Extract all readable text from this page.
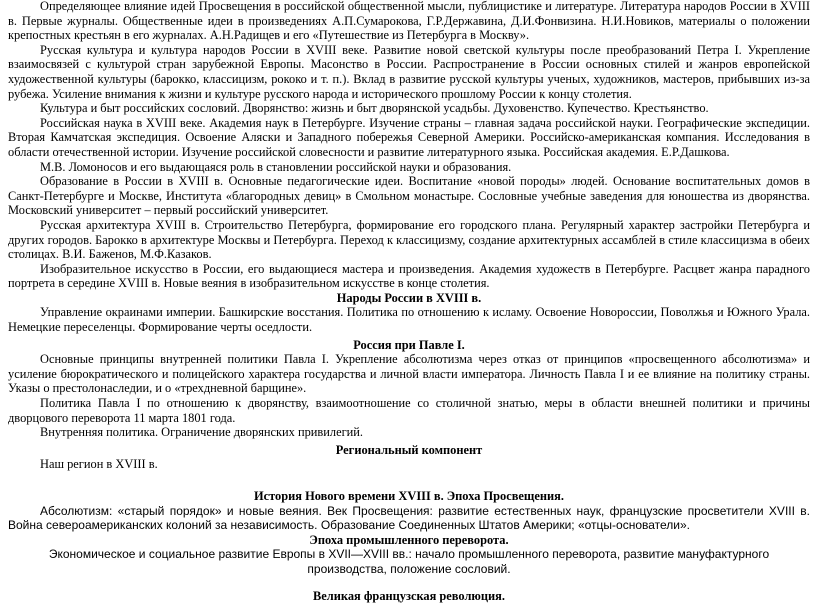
Определяющее влияние идей Просвещения в российской общественной мысли, публицистике и литературе. Литература народов России в XVIII в. Первые журналы. Общественные идеи в произведениях А.П.Сумарокова, Г.Р.Державина, Д.И.Фонвизина. Н.И.Новиков, материалы о положении крепостных крестьян в его журналах. А.Н.Радищев и его «Путешествие из Петербурга в Москву».

Русская культура и культура народов России в XVIII веке. Развитие новой светской культуры после преобразований Петра I. Укрепление взаимосвязей с культурой стран зарубежной Европы. Масонство в России. Распространение в России основных стилей и жанров европейской художественной культуры (барокко, классицизм, рококо и т. п.). Вклад в развитие русской культуры ученых, художников, мастеров, прибывших из-за рубежа. Усиление внимания к жизни и культуре русского народа и исторического прошлому России к концу столетия.

Культура и быт российских сословий. Дворянство: жизнь и быт дворянской усадьбы. Духовенство. Купечество. Крестьянство.

Российская наука в XVIII веке. Академия наук в Петербурге. Изучение страны – главная задача российской науки. Географические экспедиции. Вторая Камчатская экспедиция. Освоение Аляски и Западного побережья Северной Америки. Российско-американская компания. Исследования в области отечественной истории. Изучение российской словесности и развитие литературного языка. Российская академия. Е.Р.Дашкова.

М.В. Ломоносов и его выдающаяся роль в становлении российской науки и образования.

Образование в России в XVIII в. Основные педагогические идеи. Воспитание «новой породы» людей. Основание воспитательных домов в Санкт-Петербурге и Москве, Института «благородных девиц» в Смольном монастыре. Сословные учебные заведения для юношества из дворянства. Московский университет – первый российский университет.

Русская архитектура XVIII в. Строительство Петербурга, формирование его городского плана. Регулярный характер застройки Петербурга и других городов. Барокко в архитектуре Москвы и Петербурга. Переход к классицизму, создание архитектурных ассамблей в стиле классицизма в обеих столицах. В.И. Баженов, М.Ф.Казаков.

Изобразительное искусство в России, его выдающиеся мастера и произведения. Академия художеств в Петербурге. Расцвет жанра парадного портрета в середине XVIII в. Новые веяния в изобразительном искусстве в конце столетия.

Народы России в XVIII в.

Управление окраинами империи. Башкирские восстания. Политика по отношению к исламу. Освоение Новороссии, Поволжья и Южного Урала. Немецкие переселенцы. Формирование черты оседлости.

Россия при Павле I.

Основные принципы внутренней политики Павла I. Укрепление абсолютизма через отказ от принципов «просвещенного абсолютизма» и усиление бюрократического и полицейского характера государства и личной власти императора. Личность Павла I и ее влияние на политику страны. Указы о престолонаследии, и о «трехдневной барщине».

Политика Павла I по отношению к дворянству, взаимоотношение со столичной знатью, меры в области внешней политики и причины дворцового переворота 11 марта 1801 года.

Внутренняя политика. Ограничение дворянских привилегий.

Региональный компонент

Наш регион в XVIII в.

История Нового времени XVIII в. Эпоха Просвещения.

Абсолютизм: «старый порядок» и новые веяния. Век Просвещения: развитие естественных наук, французские просветители XVIII в. Война североамериканских колоний за независимость. Образование Соединенных Штатов Америки; «отцы-основатели».

Эпоха промышленного переворота.

Экономическое и социальное развитие Европы в XVII—XVIII вв.: начало промышленного переворота, развитие мануфактурного производства, положение сословий.

Великая французская революция.
